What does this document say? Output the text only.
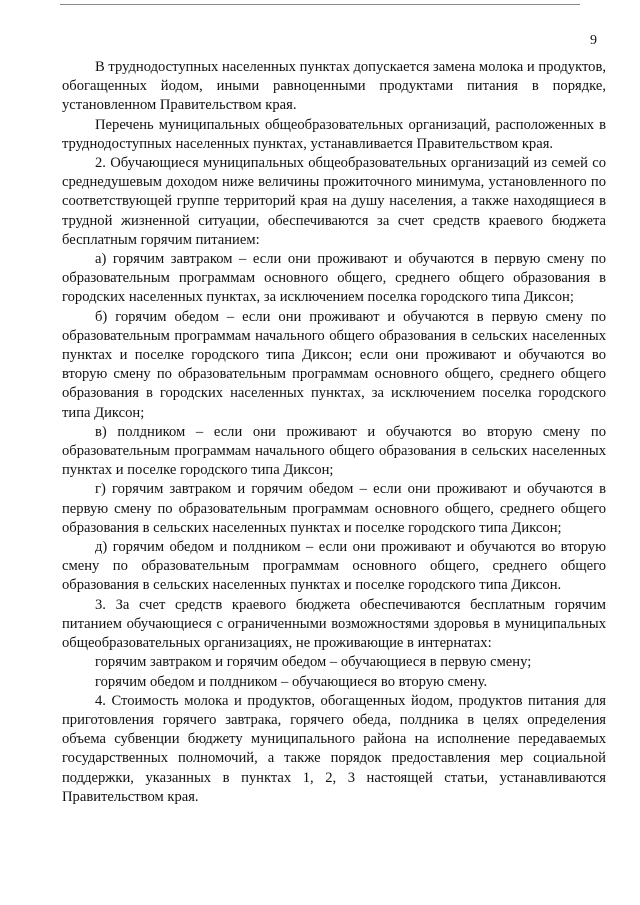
9

В труднодоступных населенных пунктах допускается замена молока и продуктов, обогащенных йодом, иными равноценными продуктами питания в порядке, установленном Правительством края.

Перечень муниципальных общеобразовательных организаций, расположенных в труднодоступных населенных пунктах, устанавливается Правительством края.

2. Обучающиеся муниципальных общеобразовательных организаций из семей со среднедушевым доходом ниже величины прожиточного минимума, установленного по соответствующей группе территорий края на душу населения, а также находящиеся в трудной жизненной ситуации, обеспечиваются за счет средств краевого бюджета бесплатным горячим питанием:

а) горячим завтраком – если они проживают и обучаются в первую смену по образовательным программам основного общего, среднего общего образования в городских населенных пунктах, за исключением поселка городского типа Диксон;

б) горячим обедом – если они проживают и обучаются в первую смену по образовательным программам начального общего образования в сельских населенных пунктах и поселке городского типа Диксон; если они проживают и обучаются во вторую смену по образовательным программам основного общего, среднего общего образования в городских населенных пунктах, за исключением поселка городского типа Диксон;

в) полдником – если они проживают и обучаются во вторую смену по образовательным программам начального общего образования в сельских населенных пунктах и поселке городского типа Диксон;

г) горячим завтраком и горячим обедом – если они проживают и обучаются в первую смену по образовательным программам основного общего, среднего общего образования в сельских населенных пунктах и поселке городского типа Диксон;

д) горячим обедом и полдником – если они проживают и обучаются во вторую смену по образовательным программам основного общего, среднего общего образования в сельских населенных пунктах и поселке городского типа Диксон.

3. За счет средств краевого бюджета обеспечиваются бесплатным горячим питанием обучающиеся с ограниченными возможностями здоровья в муниципальных общеобразовательных организациях, не проживающие в интернатах:

горячим завтраком и горячим обедом – обучающиеся в первую смену;

горячим обедом и полдником – обучающиеся во вторую смену.

4. Стоимость молока и продуктов, обогащенных йодом, продуктов питания для приготовления горячего завтрака, горячего обеда, полдника в целях определения объема субвенции бюджету муниципального района на исполнение передаваемых государственных полномочий, а также порядок предоставления мер социальной поддержки, указанных в пунктах 1, 2, 3 настоящей статьи, устанавливаются Правительством края.
